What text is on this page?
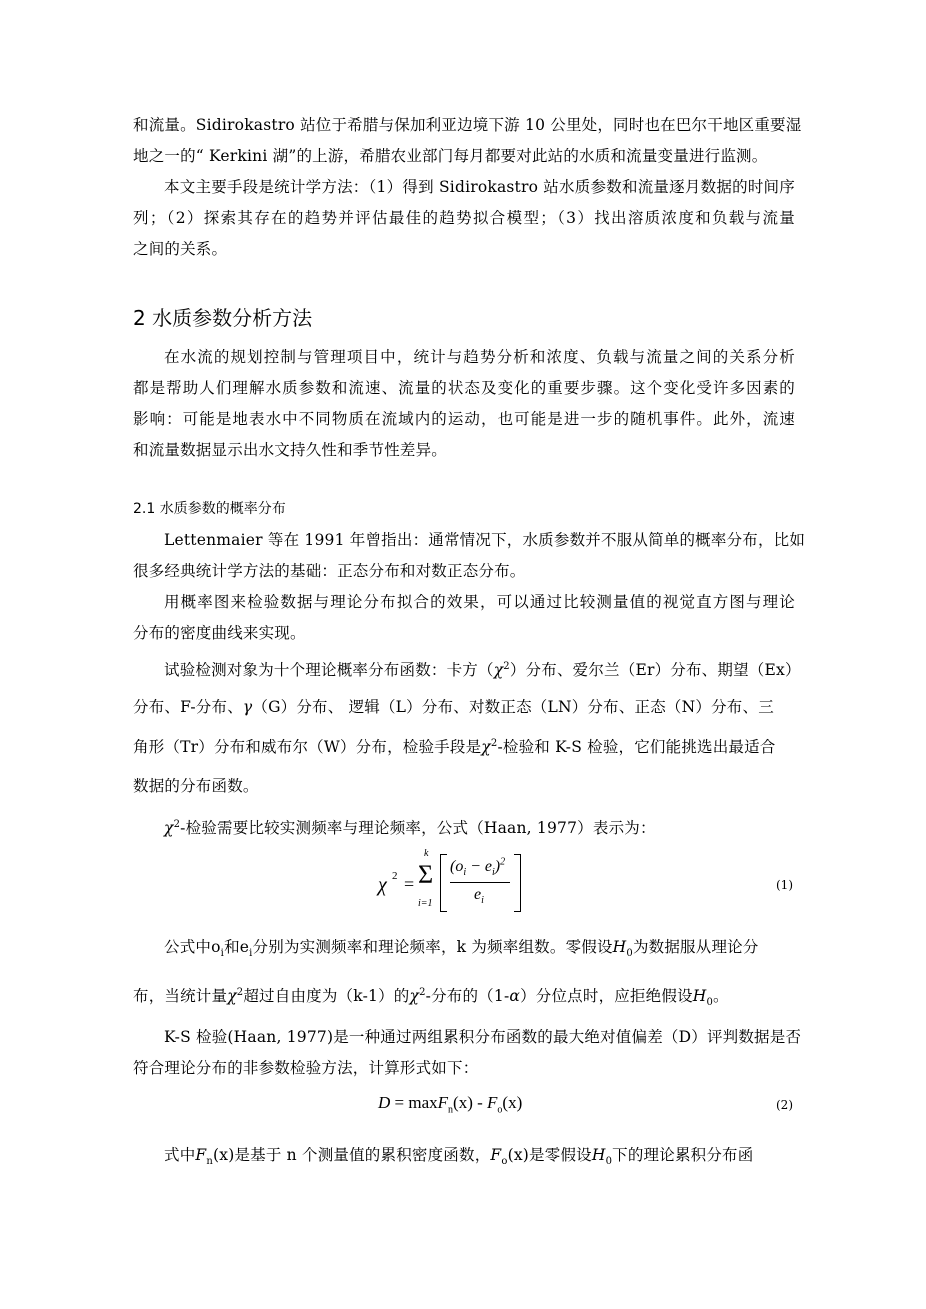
和流量。Sidirokastro 站位于希腊与保加利亚边境下游 10 公里处，同时也在巴尔干地区重要湿
地之一的“ Kerkini 湖”的上游，希腊农业部门每月都要对此站的水质和流量变量进行监测。
本文主要手段是统计学方法：（1）得到 Sidirokastro 站水质参数和流量逐月数据的时间序
列；（2）探索其存在的趋势并评估最佳的趋势拟合模型；（3）找出溶质浓度和负载与流量
之间的关系。
2 水质参数分析方法
在水流的规划控制与管理项目中，统计与趋势分析和浓度、负载与流量之间的关系分析
都是帮助人们理解水质参数和流速、流量的状态及变化的重要步骤。这个变化受许多因素的
影响：可能是地表水中不同物质在流域内的运动，也可能是进一步的随机事件。此外，流速
和流量数据显示出水文持久性和季节性差异。
2.1 水质参数的概率分布
Lettenmaier 等在 1991 年曾指出：通常情况下，水质参数并不服从简单的概率分布，比如
很多经典统计学方法的基础：正态分布和对数正态分布。
用概率图来检验数据与理论分布拟合的效果，可以通过比较测量值的视觉直方图与理论
分布的密度曲线来实现。
试验检测对象为十个理论概率分布函数：卡方$(\chi^2)$分布、爱尔兰（Er）分布、期望（Ex）
分布、F-分布、γ（G）分布、 逻辑（L）分布、对数正态（LN）分布、正态（N）分布、三
角形（Tr）分布和威布尔（W）分布，检验手段是$\chi^2-$检验和 K-S 检验，它们能挑选出最适合
数据的分布函数。
$\chi^2-$检验需要比较实测频率与理论频率，公式（Haan, 1977）表示为：
χ 2 =
k
Σ
i=1
$(o_i - e_i)^2$
$e_i$
(1)
公式中$o_i$和$e_i$分别为实测频率和理论频率，k 为频率组数。零假设$H_0$为数据服从理论分
布，当统计量$\chi^2$超过自由度为（k-1）的$\chi^2-$分布的（1-α）分位点时，应拒绝假设$H_0$。
K-S 检验(Haan, 1977)是一种通过两组累积分布函数的最大绝对值偏差（D）评判数据是否
符合理论分布的非参数检验方法，计算形式如下：
$D = \max F_n(x) - F_o(x)$	(2)
式中$F_n(x)$是基于 n 个测量值的累积密度函数，$F_o(x)$是零假设$H_0$下的理论累积分布函
